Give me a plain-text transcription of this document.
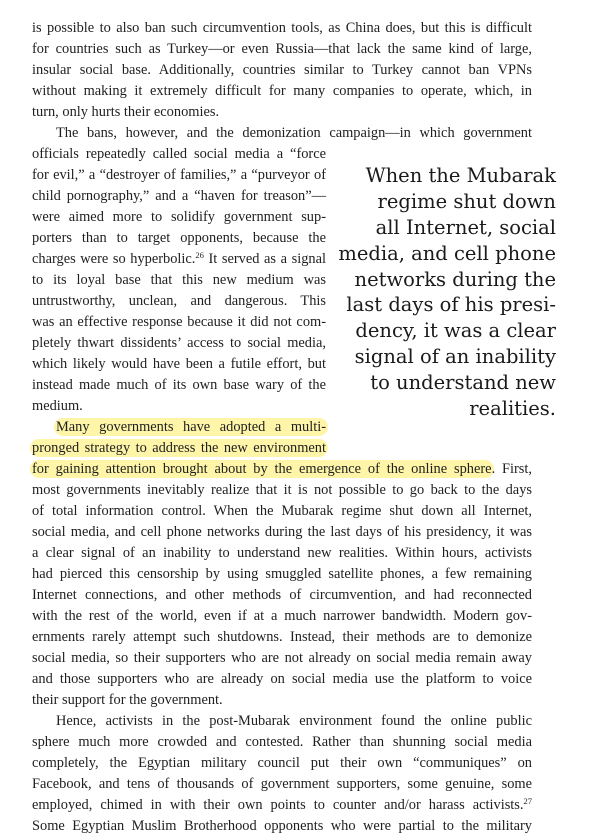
is possible to also ban such circumvention tools, as China does, but this is difficult
for countries such as Turkey—or even Russia—that lack the same kind of large,
insular social base. Additionally, countries similar to Turkey cannot ban VPNs
without making it extremely difficult for many companies to operate, which, in
turn, only hurts their economies.
The bans, however, and the demonization campaign—in which government
officials repeatedly called social media a “force
for evil,” a “destroyer of families,” a “purveyor of
child pornography,” and a “haven for treason”—
were aimed more to solidify government sup-
porters than to target opponents, because the
charges were so hyperbolic.$^{26}$ It served as a signal
to its loyal base that this new medium was
untrustworthy, unclean, and dangerous. This
was an effective response because it did not com-
pletely thwart dissidents’ access to social media,
which likely would have been a futile effort, but
instead made much of its own base wary of the
medium.
Many governments have adopted a multi-
pronged strategy to address the new environment
for gaining attention brought about by the emergence of the online sphere. First,
most governments inevitably realize that it is not possible to go back to the days
of total information control. When the Mubarak regime shut down all Internet,
social media, and cell phone networks during the last days of his presidency, it was
a clear signal of an inability to understand new realities. Within hours, activists
had pierced this censorship by using smuggled satellite phones, a few remaining
Internet connections, and other methods of circumvention, and had reconnected
with the rest of the world, even if at a much narrower bandwidth. Modern gov-
ernments rarely attempt such shutdowns. Instead, their methods are to demonize
social media, so their supporters who are not already on social media remain away
and those supporters who are already on social media use the platform to voice
their support for the government.
Hence, activists in the post-Mubarak environment found the online public
sphere much more crowded and contested. Rather than shunning social media
completely, the Egyptian military council put their own “communiques” on
Facebook, and tens of thousands of government supporters, some genuine, some
employed, chimed in with their own points to counter and/or harass activists.$^{27}$
Some Egyptian Muslim Brotherhood opponents who were partial to the military
When the Mubarak
regime shut down
all Internet, social
media, and cell phone
networks during the
last days of his presi-
dency, it was a clear
signal of an inability
to understand new
realities.
